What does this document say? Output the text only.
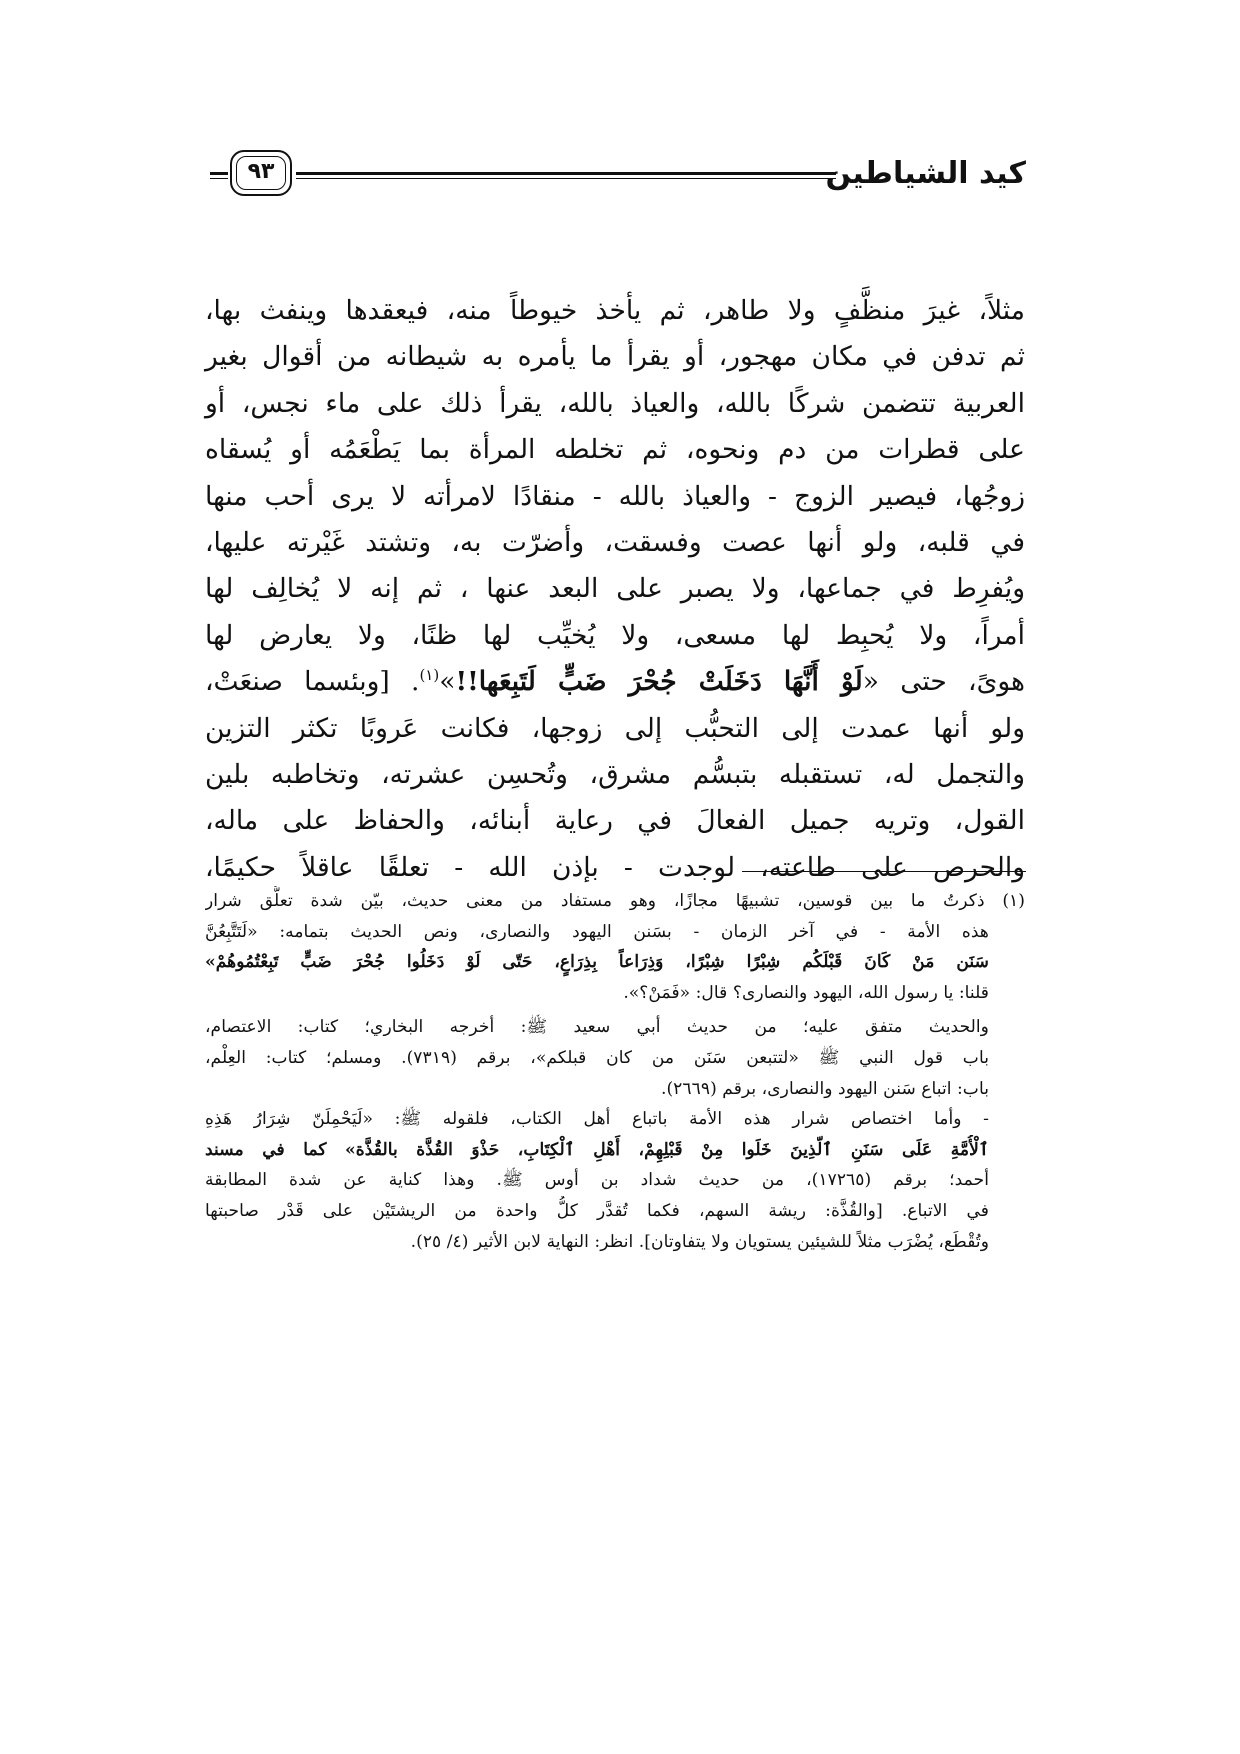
٩٣	كيد الشياطين
مثلاً، غيرَ منظَّفٍ ولا طاهر، ثم يأخذ خيوطاً منه، فيعقدها وينفث بها،
ثم تدفن في مكان مهجور، أو يقرأ ما يأمره به شيطانه من أقوال بغير
العربية تتضمن شركًا بالله، والعياذ بالله، يقرأ ذلك على ماء نجس، أو
على قطرات من دم ونحوه، ثم تخلطه المرأة بما يَطْعَمُه أو يُسقاه
زوجُها، فيصير الزوج - والعياذ بالله - منقادًا لامرأته لا يرى أحب منها
في قلبه، ولو أنها عصت وفسقت، وأضرّت به، وتشتد غَيْرته عليها،
ويُفرِط في جماعها، ولا يصبر على البعد عنها ، ثم إنه لا يُخالِف لها
أمراً، ولا يُحبِط لها مسعى، ولا يُخيِّب لها ظنًا، ولا يعارض لها
هوىً، حتى «لَوْ أَنَّهَا دَخَلَتْ جُحْرَ ضَبٍّ لَتَبِعَها!!»$^{(١)}$. [وبئسما صنعَتْ،
ولو أنها عمدت إلى التحبُّب إلى زوجها، فكانت عَروبًا تكثر التزين
والتجمل له، تستقبله بتبسُّم مشرق، وتُحسِن عشرته، وتخاطبه بلين
القول، وتريه جميل الفعالَ في رعاية أبنائه، والحفاظ على ماله،
والحرص على طاعته، لوجدت - بإذن الله - تعلقًا عاقلاً حكيمًا،
(١) ذكرتُ ما بين قوسين، تشبيهًا مجازًا، وهو مستفاد من معنى حديث، بيّن شدة تعلُّق شرار
هذه الأمة - في آخر الزمان - بسَنن اليهود والنصارى، ونص الحديث بتمامه: «لَتَتَّبِعُنَّ
سَنَن مَنْ كَانَ قَبْلَكُم شِبْرًا شِبْرًا، وَذِرَاعاً بِذِرَاعٍ، حَتّى لَوْ دَخَلُوا جُحْرَ ضَبٍّ تَبِعْتُمُوهُمْ»
قلنا: يا رسول الله، اليهود والنصارى؟ قال: «فَمَنْ؟».
والحديث متفق عليه؛ من حديث أبي سعيد ﷺ: أخرجه البخاري؛ كتاب: الاعتصام،
باب قول النبي ﷺ «لتتبعن سَنَن من كان قبلكم»، برقم (٧٣١٩). ومسلم؛ كتاب: العِلْم،
باب: اتباع سَنن اليهود والنصارى، برقم (٢٦٦٩).
- وأما اختصاص شرار هذه الأمة باتباع أهل الكتاب، فلقوله ﷺ: «لَيَحْمِلَنّ شِرَارُ هَذِهِ
ٱلْأُمَّةِ عَلَى سَنَنِ ٱلّذِينَ خَلَوا مِنْ قَبْلِهِمْ، أَهْلِ ٱلْكِتَابِ، حَذْوَ القُذَّة بالقُذَّة» كما في مسند
أحمد؛ برقم (١٧٢٦٥)، من حديث شداد بن أوس ﷺ. وهذا كناية عن شدة المطابقة
في الاتباع. [والقُذَّة: ريشة السهم، فكما تُقدَّر كلُّ واحدة من الريشتَيْن على قَدْر صاحبتها
وتُقْطَع، يُضْرَب مثلاً للشيئين يستويان ولا يتفاوتان]. انظر: النهاية لابن الأثير (٤/ ٢٥).
